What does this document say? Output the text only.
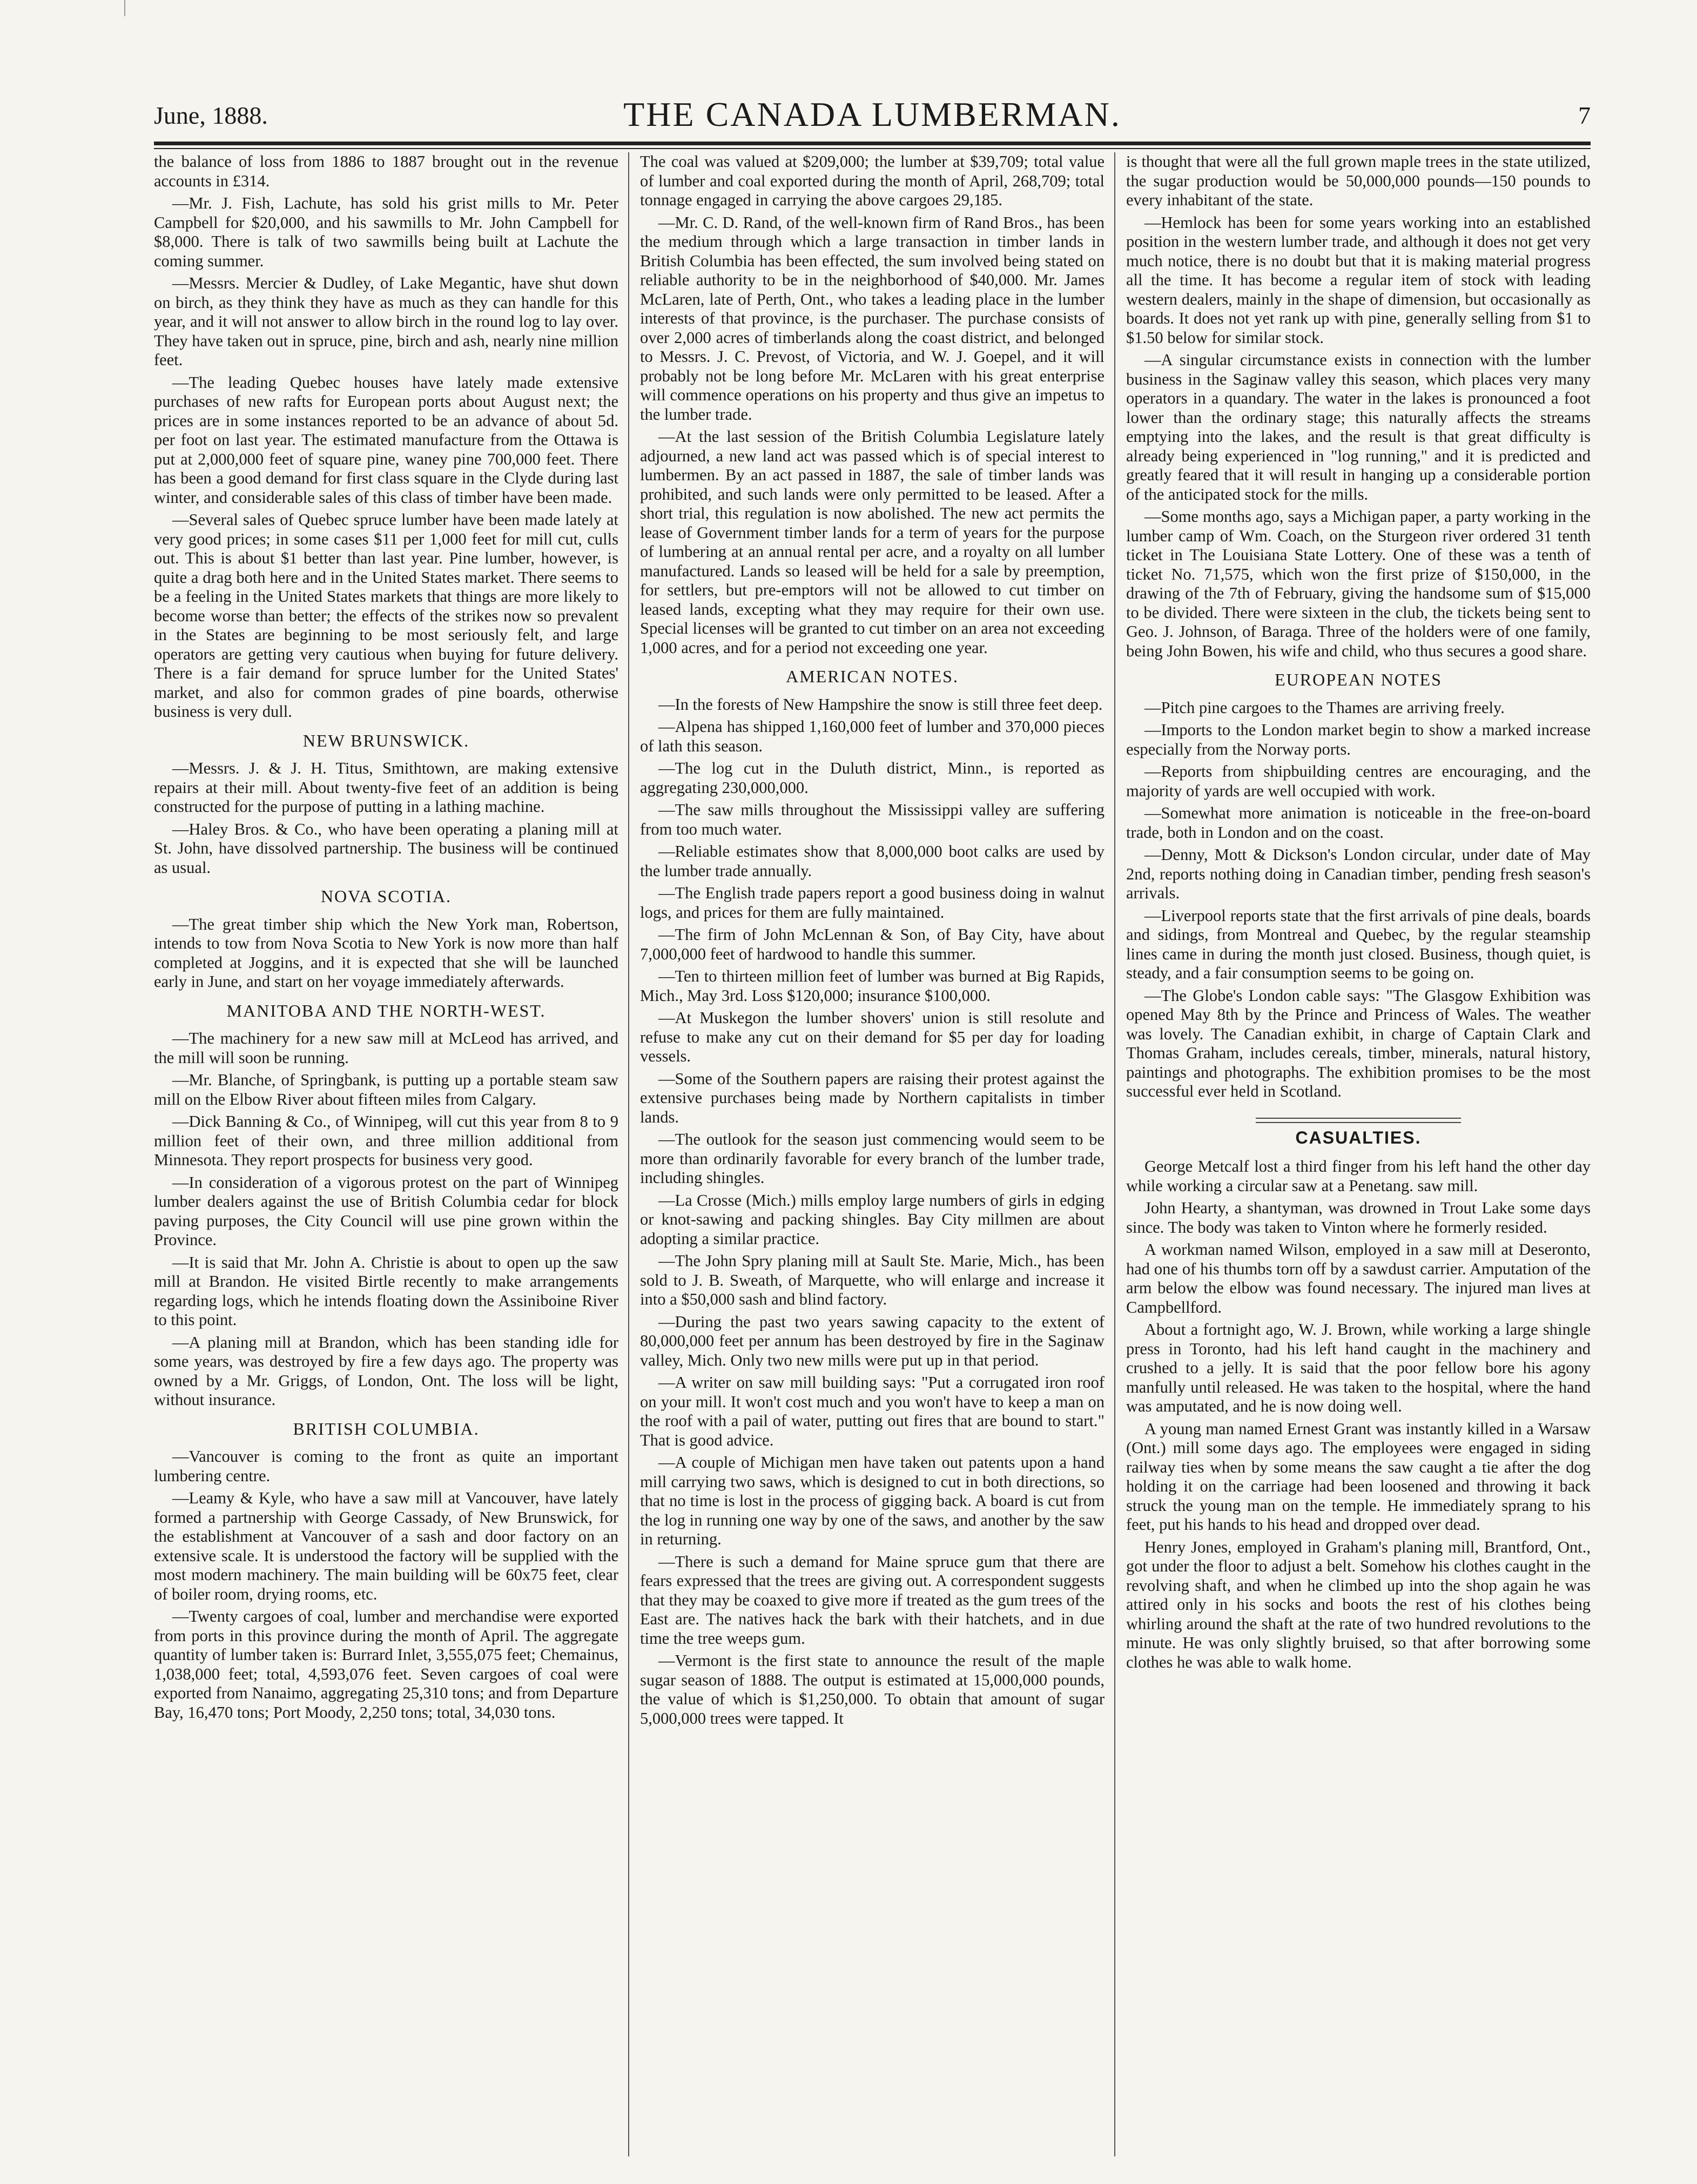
June, 1888.	THE CANADA LUMBERMAN.	7

the balance of loss from 1886 to 1887 brought out in the revenue accounts in £314.

—Mr. J. Fish, Lachute, has sold his grist mills to Mr. Peter Campbell for $20,000, and his sawmills to Mr. John Campbell for $8,000. There is talk of two sawmills being built at Lachute the coming summer.

—Messrs. Mercier & Dudley, of Lake Megantic, have shut down on birch, as they think they have as much as they can handle for this year, and it will not answer to allow birch in the round log to lay over. They have taken out in spruce, pine, birch and ash, nearly nine million feet.

—The leading Quebec houses have lately made extensive purchases of new rafts for European ports about August next; the prices are in some instances reported to be an advance of about 5d. per foot on last year. The estimated manufacture from the Ottawa is put at 2,000,000 feet of square pine, waney pine 700,000 feet. There has been a good demand for first class square in the Clyde during last winter, and considerable sales of this class of timber have been made.

—Several sales of Quebec spruce lumber have been made lately at very good prices; in some cases $11 per 1,000 feet for mill cut, culls out. This is about $1 better than last year. Pine lumber, however, is quite a drag both here and in the United States market. There seems to be a feeling in the United States markets that things are more likely to become worse than better; the effects of the strikes now so prevalent in the States are beginning to be most seriously felt, and large operators are getting very cautious when buying for future delivery. There is a fair demand for spruce lumber for the United States' market, and also for common grades of pine boards, otherwise business is very dull.

NEW BRUNSWICK.

—Messrs. J. & J. H. Titus, Smithtown, are making extensive repairs at their mill. About twenty-five feet of an addition is being constructed for the purpose of putting in a lathing machine.

—Haley Bros. & Co., who have been operating a planing mill at St. John, have dissolved partnership. The business will be continued as usual.

NOVA SCOTIA.

—The great timber ship which the New York man, Robertson, intends to tow from Nova Scotia to New York is now more than half completed at Joggins, and it is expected that she will be launched early in June, and start on her voyage immediately afterwards.

MANITOBA AND THE NORTH-WEST.

—The machinery for a new saw mill at McLeod has arrived, and the mill will soon be running.

—Mr. Blanche, of Springbank, is putting up a portable steam saw mill on the Elbow River about fifteen miles from Calgary.

—Dick Banning & Co., of Winnipeg, will cut this year from 8 to 9 million feet of their own, and three million additional from Minnesota. They report prospects for business very good.

—In consideration of a vigorous protest on the part of Winnipeg lumber dealers against the use of British Columbia cedar for block paving purposes, the City Council will use pine grown within the Province.

—It is said that Mr. John A. Christie is about to open up the saw mill at Brandon. He visited Birtle recently to make arrangements regarding logs, which he intends floating down the Assiniboine River to this point.

—A planing mill at Brandon, which has been standing idle for some years, was destroyed by fire a few days ago. The property was owned by a Mr. Griggs, of London, Ont. The loss will be light, without insurance.

BRITISH COLUMBIA.

—Vancouver is coming to the front as quite an important lumbering centre.

—Leamy & Kyle, who have a saw mill at Vancouver, have lately formed a partnership with George Cassady, of New Brunswick, for the establishment at Vancouver of a sash and door factory on an extensive scale. It is understood the factory will be supplied with the most modern machinery. The main building will be 60x75 feet, clear of boiler room, drying rooms, etc.

—Twenty cargoes of coal, lumber and merchandise were exported from ports in this province during the month of April. The aggregate quantity of lumber taken is: Burrard Inlet, 3,555,075 feet; Chemainus, 1,038,000 feet; total, 4,593,076 feet. Seven cargoes of coal were exported from Nanaimo, aggregating 25,310 tons; and from Departure Bay, 16,470 tons; Port Moody, 2,250 tons; total, 34,030 tons.

The coal was valued at $209,000; the lumber at $39,709; total value of lumber and coal exported during the month of April, 268,709; total tonnage engaged in carrying the above cargoes 29,185.

—Mr. C. D. Rand, of the well-known firm of Rand Bros., has been the medium through which a large transaction in timber lands in British Columbia has been effected, the sum involved being stated on reliable authority to be in the neighborhood of $40,000. Mr. James McLaren, late of Perth, Ont., who takes a leading place in the lumber interests of that province, is the purchaser. The purchase consists of over 2,000 acres of timberlands along the coast district, and belonged to Messrs. J. C. Prevost, of Victoria, and W. J. Goepel, and it will probably not be long before Mr. McLaren with his great enterprise will commence operations on his property and thus give an impetus to the lumber trade.

—At the last session of the British Columbia Legislature lately adjourned, a new land act was passed which is of special interest to lumbermen. By an act passed in 1887, the sale of timber lands was prohibited, and such lands were only permitted to be leased. After a short trial, this regulation is now abolished. The new act permits the lease of Government timber lands for a term of years for the purpose of lumbering at an annual rental per acre, and a royalty on all lumber manufactured. Lands so leased will be held for a sale by preemption, for settlers, but pre-emptors will not be allowed to cut timber on leased lands, excepting what they may require for their own use. Special licenses will be granted to cut timber on an area not exceeding 1,000 acres, and for a period not exceeding one year.

AMERICAN NOTES.

—In the forests of New Hampshire the snow is still three feet deep.

—Alpena has shipped 1,160,000 feet of lumber and 370,000 pieces of lath this season.

—The log cut in the Duluth district, Minn., is reported as aggregating 230,000,000.

—The saw mills throughout the Mississippi valley are suffering from too much water.

—Reliable estimates show that 8,000,000 boot calks are used by the lumber trade annually.

—The English trade papers report a good business doing in walnut logs, and prices for them are fully maintained.

—The firm of John McLennan & Son, of Bay City, have about 7,000,000 feet of hardwood to handle this summer.

—Ten to thirteen million feet of lumber was burned at Big Rapids, Mich., May 3rd. Loss $120,000; insurance $100,000.

—At Muskegon the lumber shovers' union is still resolute and refuse to make any cut on their demand for $5 per day for loading vessels.

—Some of the Southern papers are raising their protest against the extensive purchases being made by Northern capitalists in timber lands.

—The outlook for the season just commencing would seem to be more than ordinarily favorable for every branch of the lumber trade, including shingles.

—La Crosse (Mich.) mills employ large numbers of girls in edging or knot-sawing and packing shingles. Bay City millmen are about adopting a similar practice.

—The John Spry planing mill at Sault Ste. Marie, Mich., has been sold to J. B. Sweath, of Marquette, who will enlarge and increase it into a $50,000 sash and blind factory.

—During the past two years sawing capacity to the extent of 80,000,000 feet per annum has been destroyed by fire in the Saginaw valley, Mich. Only two new mills were put up in that period.

—A writer on saw mill building says: "Put a corrugated iron roof on your mill. It won't cost much and you won't have to keep a man on the roof with a pail of water, putting out fires that are bound to start." That is good advice.

—A couple of Michigan men have taken out patents upon a hand mill carrying two saws, which is designed to cut in both directions, so that no time is lost in the process of gigging back. A board is cut from the log in running one way by one of the saws, and another by the saw in returning.

—There is such a demand for Maine spruce gum that there are fears expressed that the trees are giving out. A correspondent suggests that they may be coaxed to give more if treated as the gum trees of the East are. The natives hack the bark with their hatchets, and in due time the tree weeps gum.

—Vermont is the first state to announce the result of the maple sugar season of 1888. The output is estimated at 15,000,000 pounds, the value of which is $1,250,000. To obtain that amount of sugar 5,000,000 trees were tapped. It

is thought that were all the full grown maple trees in the state utilized, the sugar production would be 50,000,000 pounds—150 pounds to every inhabitant of the state.

—Hemlock has been for some years working into an established position in the western lumber trade, and although it does not get very much notice, there is no doubt but that it is making material progress all the time. It has become a regular item of stock with leading western dealers, mainly in the shape of dimension, but occasionally as boards. It does not yet rank up with pine, generally selling from $1 to $1.50 below for similar stock.

—A singular circumstance exists in connection with the lumber business in the Saginaw valley this season, which places very many operators in a quandary. The water in the lakes is pronounced a foot lower than the ordinary stage; this naturally affects the streams emptying into the lakes, and the result is that great difficulty is already being experienced in "log running," and it is predicted and greatly feared that it will result in hanging up a considerable portion of the anticipated stock for the mills.

—Some months ago, says a Michigan paper, a party working in the lumber camp of Wm. Coach, on the Sturgeon river ordered 31 tenth ticket in The Louisiana State Lottery. One of these was a tenth of ticket No. 71,575, which won the first prize of $150,000, in the drawing of the 7th of February, giving the handsome sum of $15,000 to be divided. There were sixteen in the club, the tickets being sent to Geo. J. Johnson, of Baraga. Three of the holders were of one family, being John Bowen, his wife and child, who thus secures a good share.

EUROPEAN NOTES

—Pitch pine cargoes to the Thames are arriving freely.

—Imports to the London market begin to show a marked increase especially from the Norway ports.

—Reports from shipbuilding centres are encouraging, and the majority of yards are well occupied with work.

—Somewhat more animation is noticeable in the free-on-board trade, both in London and on the coast.

—Denny, Mott & Dickson's London circular, under date of May 2nd, reports nothing doing in Canadian timber, pending fresh season's arrivals.

—Liverpool reports state that the first arrivals of pine deals, boards and sidings, from Montreal and Quebec, by the regular steamship lines came in during the month just closed. Business, though quiet, is steady, and a fair consumption seems to be going on.

—The Globe's London cable says: "The Glasgow Exhibition was opened May 8th by the Prince and Princess of Wales. The weather was lovely. The Canadian exhibit, in charge of Captain Clark and Thomas Graham, includes cereals, timber, minerals, natural history, paintings and photographs. The exhibition promises to be the most successful ever held in Scotland.

CASUALTIES.

George Metcalf lost a third finger from his left hand the other day while working a circular saw at a Penetang. saw mill.

John Hearty, a shantyman, was drowned in Trout Lake some days since. The body was taken to Vinton where he formerly resided.

A workman named Wilson, employed in a saw mill at Deseronto, had one of his thumbs torn off by a sawdust carrier. Amputation of the arm below the elbow was found necessary. The injured man lives at Campbellford.

About a fortnight ago, W. J. Brown, while working a large shingle press in Toronto, had his left hand caught in the machinery and crushed to a jelly. It is said that the poor fellow bore his agony manfully until released. He was taken to the hospital, where the hand was amputated, and he is now doing well.

A young man named Ernest Grant was instantly killed in a Warsaw (Ont.) mill some days ago. The employees were engaged in siding railway ties when by some means the saw caught a tie after the dog holding it on the carriage had been loosened and throwing it back struck the young man on the temple. He immediately sprang to his feet, put his hands to his head and dropped over dead.

Henry Jones, employed in Graham's planing mill, Brantford, Ont., got under the floor to adjust a belt. Somehow his clothes caught in the revolving shaft, and when he climbed up into the shop again he was attired only in his socks and boots the rest of his clothes being whirling around the shaft at the rate of two hundred revolutions to the minute. He was only slightly bruised, so that after borrowing some clothes he was able to walk home.
